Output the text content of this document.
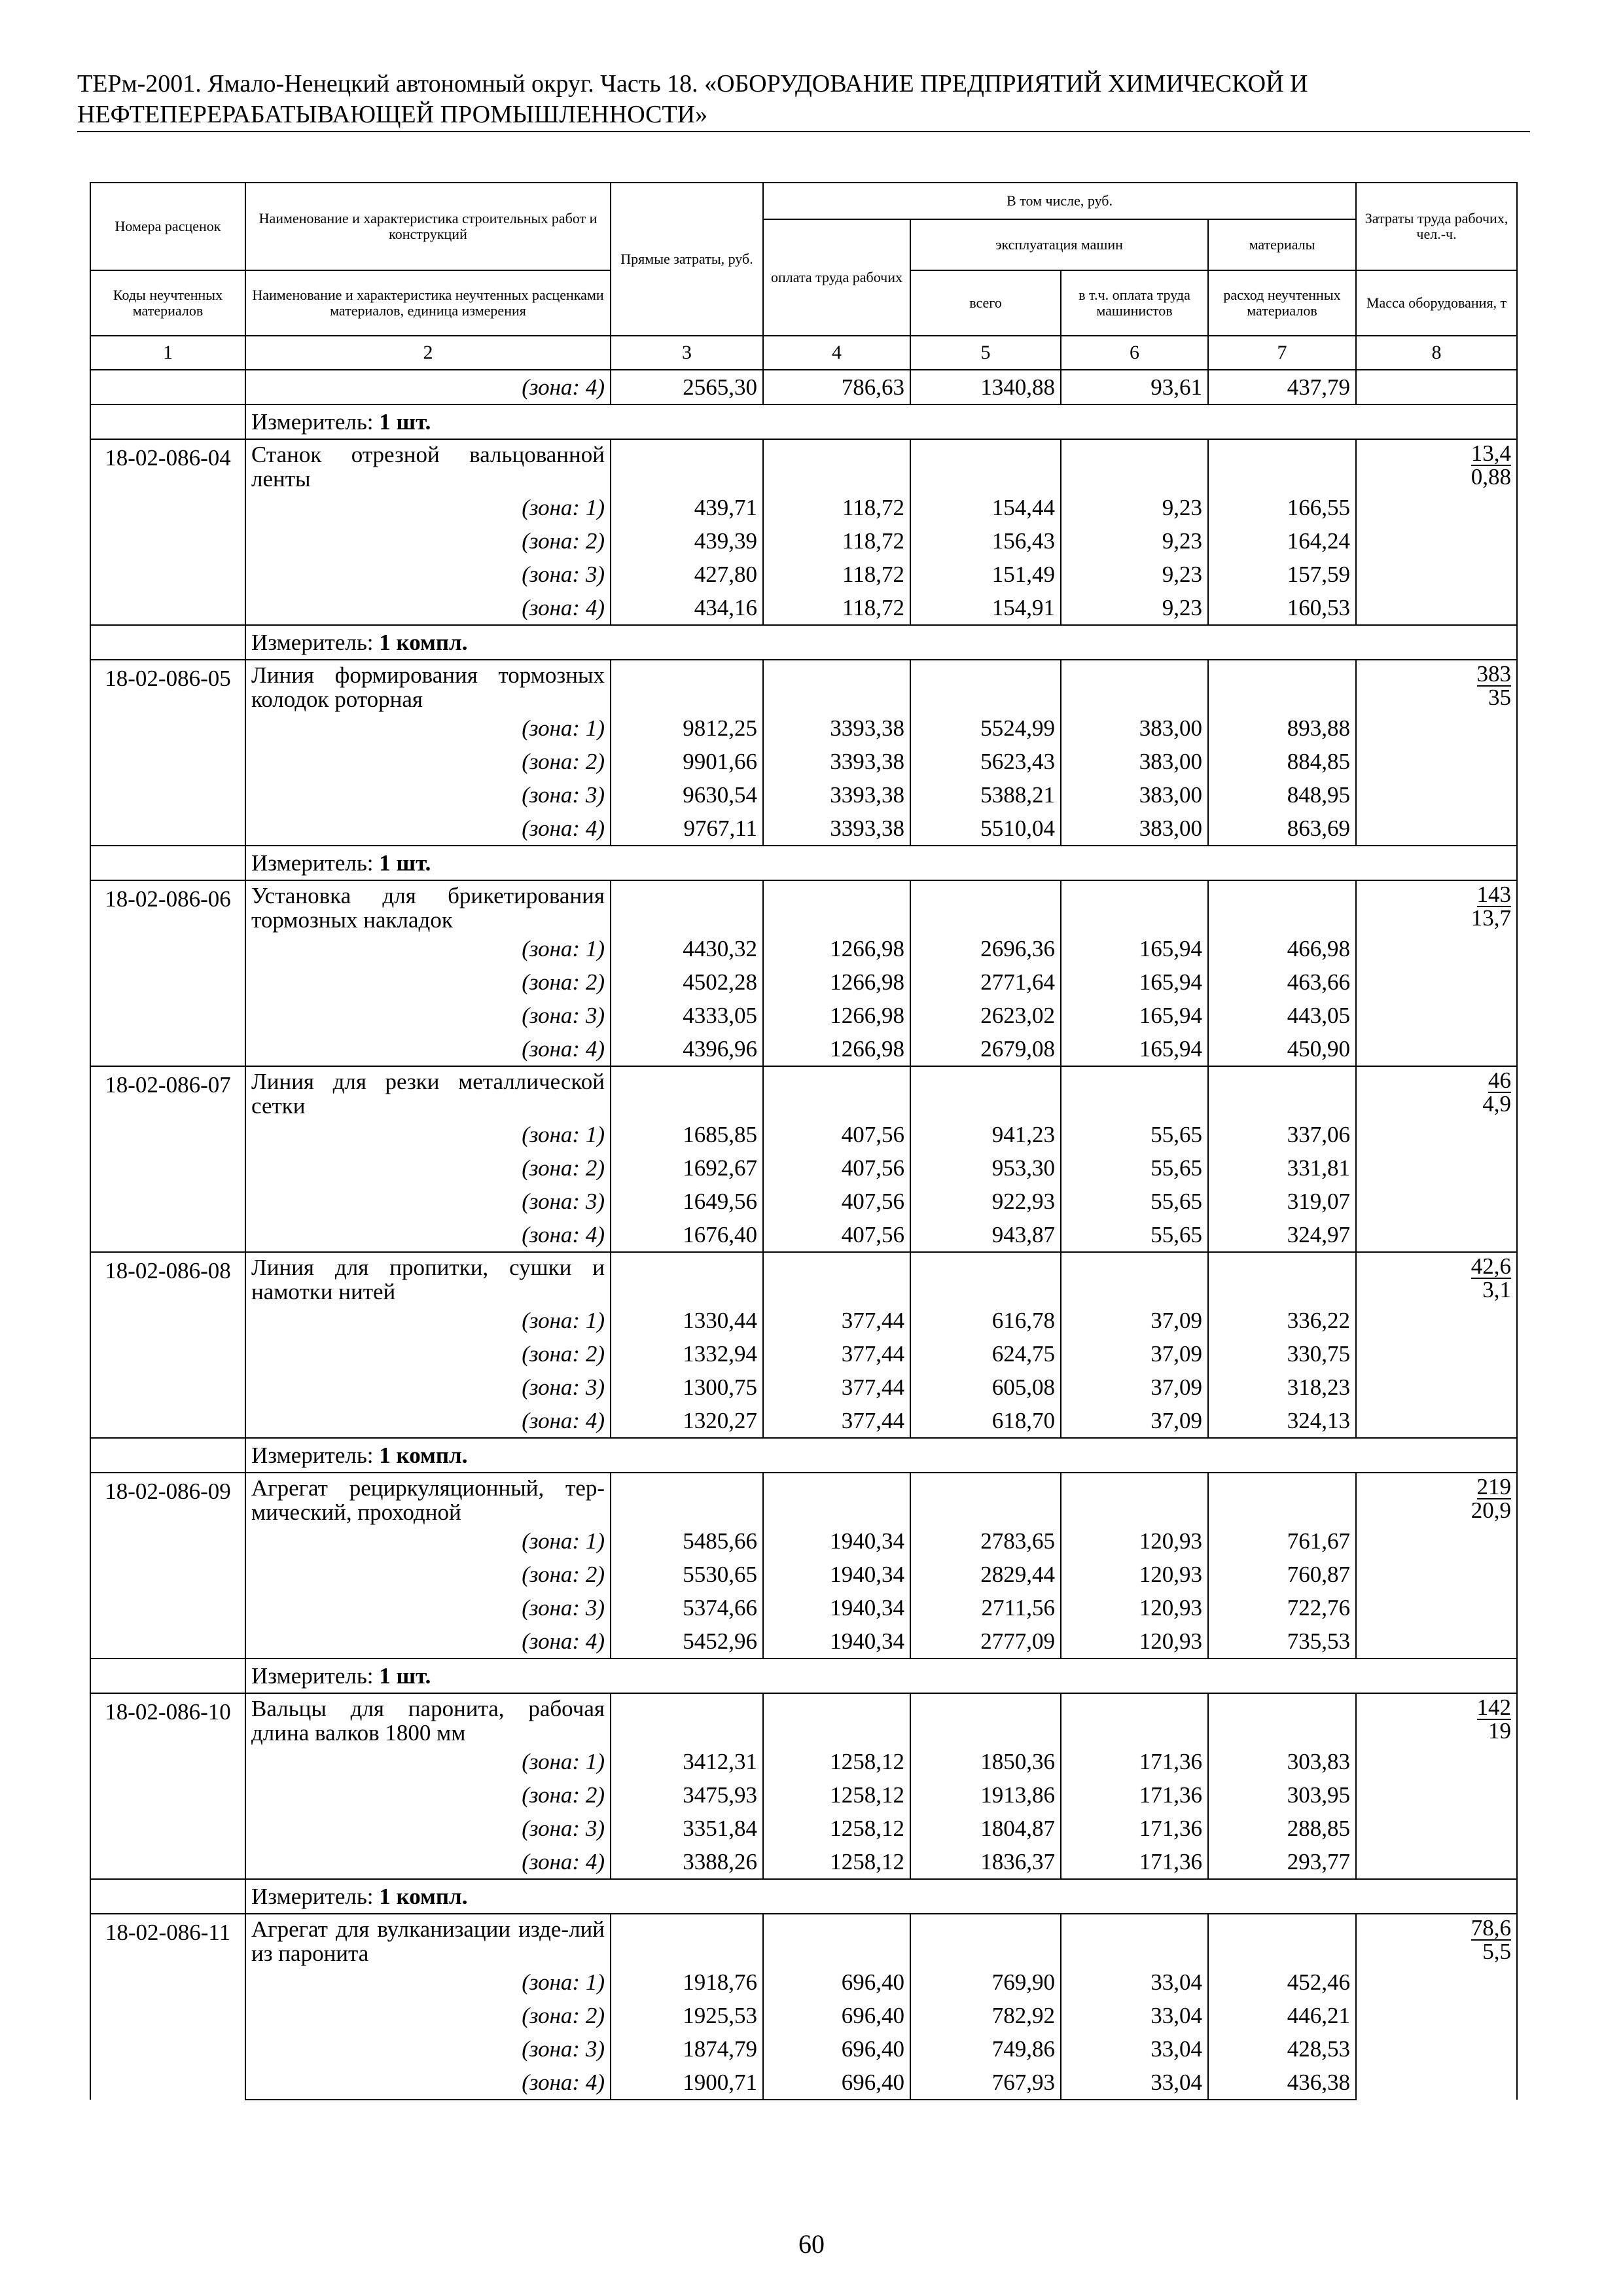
ТЕРм-2001. Ямало-Ненецкий автономный округ. Часть 18. «ОБОРУДОВАНИЕ ПРЕДПРИЯТИЙ ХИМИЧЕСКОЙ И
НЕФТЕПЕРЕРАБАТЫВАЮЩЕЙ ПРОМЫШЛЕННОСТИ»
Номера расценок	Наименование и характеристика строительных работ и конструкций	Прямые затраты, руб.	В том числе, руб.				Затраты труда рабочих, чел.-ч.
			оплата труда рабочих	эксплуатация машин		материалы	
Коды неучтенных материалов	Наименование и характеристика неучтенных расценками материалов, единица измерения			всего	в т.ч. оплата труда машинистов	расход неучтенных материалов	Масса оборудования, т
1	2	3	4	5	6	7	8
	(зона: 4)	2565,30	786,63	1340,88	93,61	437,79	
	Измеритель: 1 шт.						
18-02-086-04	Станок отрезной вальцованной ленты						13,4
0,88
	(зона: 1)	439,71	118,72	154,44	9,23	166,55	
	(зона: 2)	439,39	118,72	156,43	9,23	164,24	
	(зона: 3)	427,80	118,72	151,49	9,23	157,59	
	(зона: 4)	434,16	118,72	154,91	9,23	160,53	
	Измеритель: 1 компл.						
18-02-086-05	Линия формирования тормозных колодок роторная						383
35
	(зона: 1)	9812,25	3393,38	5524,99	383,00	893,88	
	(зона: 2)	9901,66	3393,38	5623,43	383,00	884,85	
	(зона: 3)	9630,54	3393,38	5388,21	383,00	848,95	
	(зона: 4)	9767,11	3393,38	5510,04	383,00	863,69	
	Измеритель: 1 шт.						
18-02-086-06	Установка для брикетирования тормозных накладок						143
13,7
	(зона: 1)	4430,32	1266,98	2696,36	165,94	466,98	
	(зона: 2)	4502,28	1266,98	2771,64	165,94	463,66	
	(зона: 3)	4333,05	1266,98	2623,02	165,94	443,05	
	(зона: 4)	4396,96	1266,98	2679,08	165,94	450,90	
18-02-086-07	Линия для резки металлической сетки						46
4,9
	(зона: 1)	1685,85	407,56	941,23	55,65	337,06	
	(зона: 2)	1692,67	407,56	953,30	55,65	331,81	
	(зона: 3)	1649,56	407,56	922,93	55,65	319,07	
	(зона: 4)	1676,40	407,56	943,87	55,65	324,97	
18-02-086-08	Линия для пропитки, сушки и намотки нитей						42,6
3,1
	(зона: 1)	1330,44	377,44	616,78	37,09	336,22	
	(зона: 2)	1332,94	377,44	624,75	37,09	330,75	
	(зона: 3)	1300,75	377,44	605,08	37,09	318,23	
	(зона: 4)	1320,27	377,44	618,70	37,09	324,13	
	Измеритель: 1 компл.						
18-02-086-09	Агрегат рециркуляционный, тер-мический, проходной						219
20,9
	(зона: 1)	5485,66	1940,34	2783,65	120,93	761,67	
	(зона: 2)	5530,65	1940,34	2829,44	120,93	760,87	
	(зона: 3)	5374,66	1940,34	2711,56	120,93	722,76	
	(зона: 4)	5452,96	1940,34	2777,09	120,93	735,53	
	Измеритель: 1 шт.						
18-02-086-10	Вальцы для паронита, рабочая длина валков 1800 мм						142
19
	(зона: 1)	3412,31	1258,12	1850,36	171,36	303,83	
	(зона: 2)	3475,93	1258,12	1913,86	171,36	303,95	
	(зона: 3)	3351,84	1258,12	1804,87	171,36	288,85	
	(зона: 4)	3388,26	1258,12	1836,37	171,36	293,77	
	Измеритель: 1 компл.						
18-02-086-11	Агрегат для вулканизации изде-лий из паронита						78,6
5,5
	(зона: 1)	1918,76	696,40	769,90	33,04	452,46	
	(зона: 2)	1925,53	696,40	782,92	33,04	446,21	
	(зона: 3)	1874,79	696,40	749,86	33,04	428,53	
	(зона: 4)	1900,71	696,40	767,93	33,04	436,38	
60
